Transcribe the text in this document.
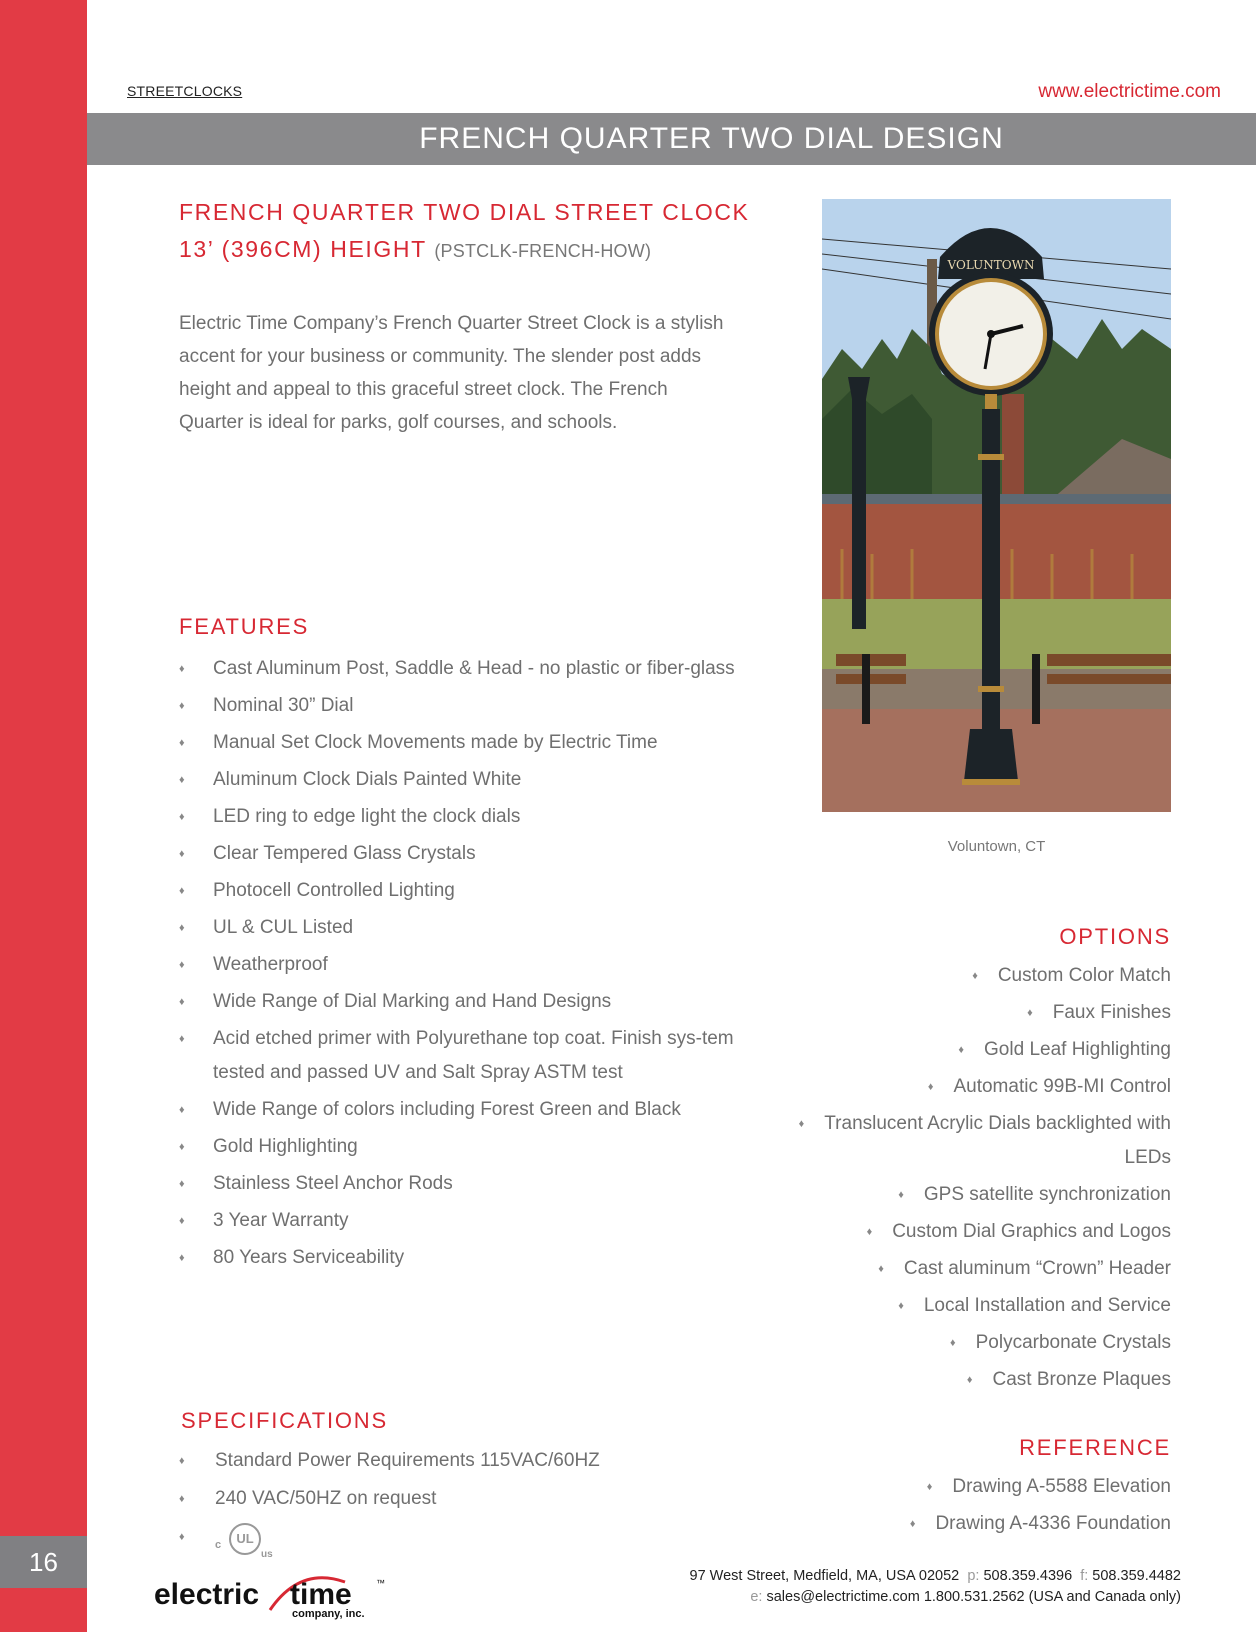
16
STREETCLOCKS	www.electrictime.com
FRENCH QUARTER TWO DIAL DESIGN
FRENCH QUARTER TWO DIAL STREET CLOCK
13’ (396CM) HEIGHT (PSTCLK-FRENCH-HOW)
Electric Time Company’s French Quarter Street Clock is a stylish accent for your business or community. The slender post adds height and appeal to this graceful street clock. The French Quarter is ideal for parks, golf courses, and schools.
FEATURES
♦ Cast Aluminum Post, Saddle & Head - no plastic or fiber-glass
♦ Nominal 30” Dial
♦ Manual Set Clock Movements made by Electric Time
♦ Aluminum Clock Dials Painted White
♦ LED ring to edge light the clock dials
♦ Clear Tempered Glass Crystals
♦ Photocell Controlled Lighting
♦ UL & CUL Listed
♦ Weatherproof
♦ Wide Range of Dial Marking and Hand Designs
♦ Acid etched primer with Polyurethane top coat. Finish sys-tem tested and passed UV and Salt Spray ASTM test
♦ Wide Range of colors including Forest Green and Black
♦ Gold Highlighting
♦ Stainless Steel Anchor Rods
♦ 3 Year Warranty
♦ 80 Years Serviceability
SPECIFICATIONS
♦ Standard Power Requirements 115VAC/60HZ
♦ 240 VAC/50HZ on request
♦
c	UL
us
VOLUNTOWN
Voluntown, CT
OPTIONS
♦ Custom Color Match
♦ Faux Finishes
♦ Gold Leaf Highlighting
♦ Automatic 99B-MI Control
♦ Translucent Acrylic Dials backlighted with LEDs
♦ GPS satellite synchronization
♦ Custom Dial Graphics and Logos
♦ Cast aluminum “Crown” Header
♦ Local Installation and Service
♦ Polycarbonate Crystals
♦ Cast Bronze Plaques
REFERENCE
♦ Drawing A-5588 Elevation
♦ Drawing A-4336 Foundation
electric time	™
company, inc.
97 West Street, Medfield, MA, USA 02052 p: 508.359.4396 f: 508.359.4482
e: sales@electrictime.com 1.800.531.2562 (USA and Canada only)
